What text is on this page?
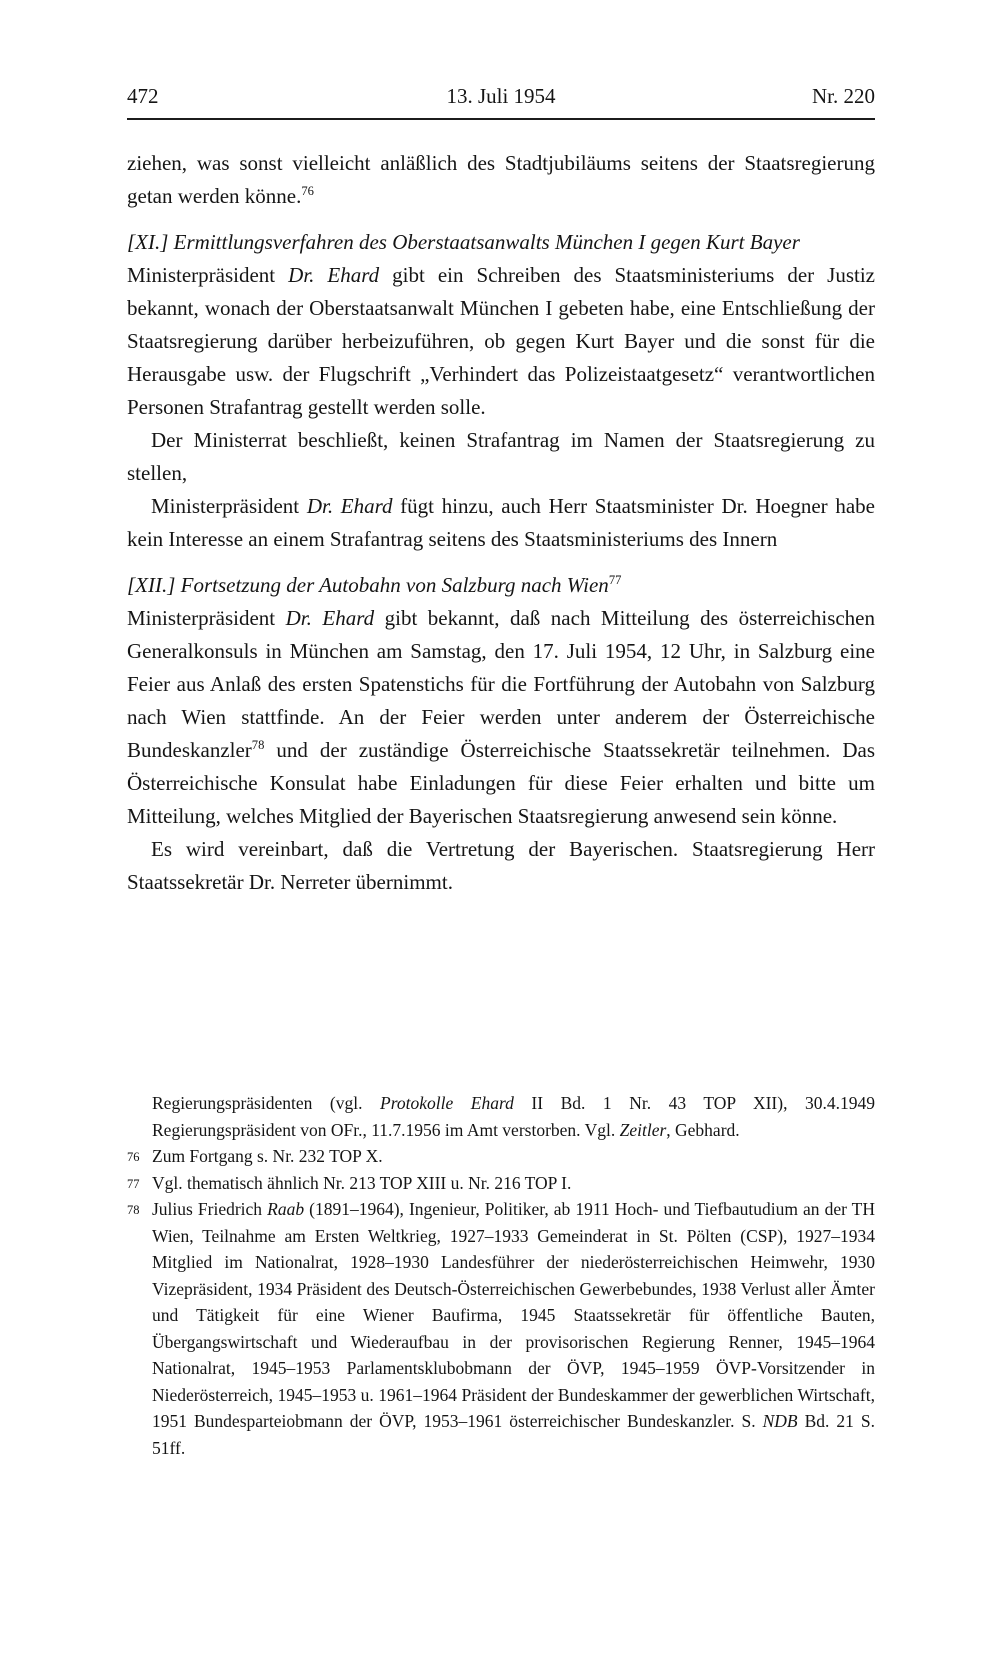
472	13. Juli 1954	Nr. 220

ziehen, was sonst vielleicht anläßlich des Stadtjubiläums seitens der Staatsregierung getan werden könne.$^{76}$

[XI.] Ermittlungsverfahren des Oberstaatsanwalts München I gegen Kurt Bayer

Ministerpräsident Dr. Ehard gibt ein Schreiben des Staatsministeriums der Justiz bekannt, wonach der Oberstaatsanwalt München I gebeten habe, eine Entschließung der Staatsregierung darüber herbeizuführen, ob gegen Kurt Bayer und die sonst für die Herausgabe usw. der Flugschrift „Verhindert das Polizeistaatgesetz“ verantwortlichen Personen Strafantrag gestellt werden solle.

Der Ministerrat beschließt, keinen Strafantrag im Namen der Staatsregierung zu stellen,

Ministerpräsident Dr. Ehard fügt hinzu, auch Herr Staatsminister Dr. Hoegner habe kein Interesse an einem Strafantrag seitens des Staatsministeriums des Innern

[XII.] Fortsetzung der Autobahn von Salzburg nach Wien$^{77}$

Ministerpräsident Dr. Ehard gibt bekannt, daß nach Mitteilung des österreichischen Generalkonsuls in München am Samstag, den 17. Juli 1954, 12 Uhr, in Salzburg eine Feier aus Anlaß des ersten Spatenstichs für die Fortführung der Autobahn von Salzburg nach Wien stattfinde. An der Feier werden unter anderem der Österreichische Bundeskanzler$^{78}$ und der zuständige Österreichische Staatssekretär teilnehmen. Das Österreichische Konsulat habe Einladungen für diese Feier erhalten und bitte um Mitteilung, welches Mitglied der Bayerischen Staatsregierung anwesend sein könne.

Es wird vereinbart, daß die Vertretung der Bayerischen. Staatsregierung Herr Staatssekretär Dr. Nerreter übernimmt.

Regierungspräsidenten (vgl. Protokolle Ehard II Bd. 1 Nr. 43 TOP XII), 30.4.1949 Regierungspräsident von OFr., 11.7.1956 im Amt verstorben. Vgl. Zeitler, Gebhard.
76 Zum Fortgang s. Nr. 232 TOP X.
77 Vgl. thematisch ähnlich Nr. 213 TOP XIII u. Nr. 216 TOP I.
78 Julius Friedrich Raab (1891–1964), Ingenieur, Politiker, ab 1911 Hoch- und Tiefbautudium an der TH Wien, Teilnahme am Ersten Weltkrieg, 1927–1933 Gemeinderat in St. Pölten (CSP), 1927–1934 Mitglied im Nationalrat, 1928–1930 Landesführer der niederösterreichischen Heimwehr, 1930 Vizepräsident, 1934 Präsident des Deutsch-Österreichischen Gewerbebundes, 1938 Verlust aller Ämter und Tätigkeit für eine Wiener Baufirma, 1945 Staatssekretär für öffentliche Bauten, Übergangswirtschaft und Wiederaufbau in der provisorischen Regierung Renner, 1945–1964 Nationalrat, 1945–1953 Parlamentsklubobmann der ÖVP, 1945–1959 ÖVP-Vorsitzender in Niederösterreich, 1945–1953 u. 1961–1964 Präsident der Bundeskammer der gewerblichen Wirtschaft, 1951 Bundesparteiobmann der ÖVP, 1953–1961 österreichischer Bundeskanzler. S. NDB Bd. 21 S. 51ff.
